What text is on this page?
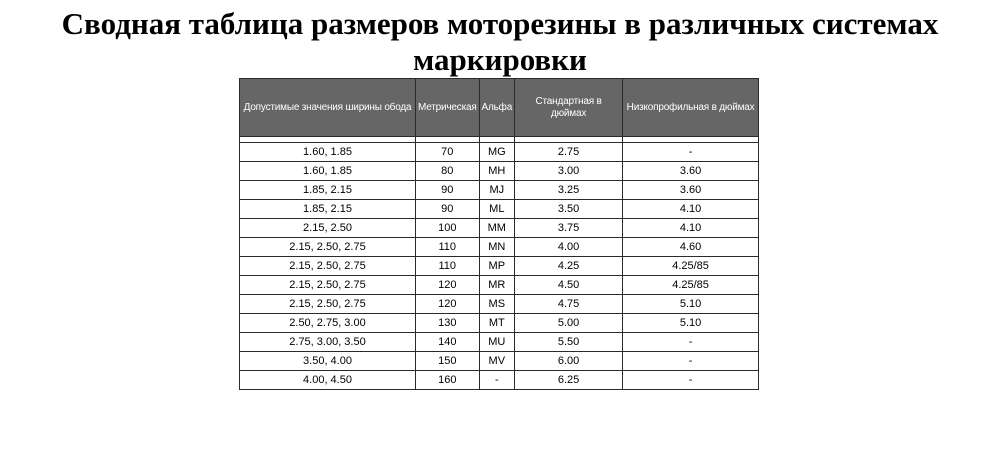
Сводная таблица размеров моторезины в различных системах маркировки
Допустимые значения ширины обода	Метрическая	Альфа	Стандартная в дюймах	Низкопрофильная в дюймах

1.60, 1.85	70	MG	2.75	-
1.60, 1.85	80	MH	3.00	3.60
1.85, 2.15	90	MJ	3.25	3.60
1.85, 2.15	90	ML	3.50	4.10
2.15, 2.50	100	MM	3.75	4.10
2.15, 2.50, 2.75	110	MN	4.00	4.60
2.15, 2.50, 2.75	110	MP	4.25	4.25/85
2.15, 2.50, 2.75	120	MR	4.50	4.25/85
2.15, 2.50, 2.75	120	MS	4.75	5.10
2.50, 2.75, 3.00	130	MT	5.00	5.10
2.75, 3.00, 3.50	140	MU	5.50	-
3.50, 4.00	150	MV	6.00	-
4.00, 4.50	160	-	6.25	-
